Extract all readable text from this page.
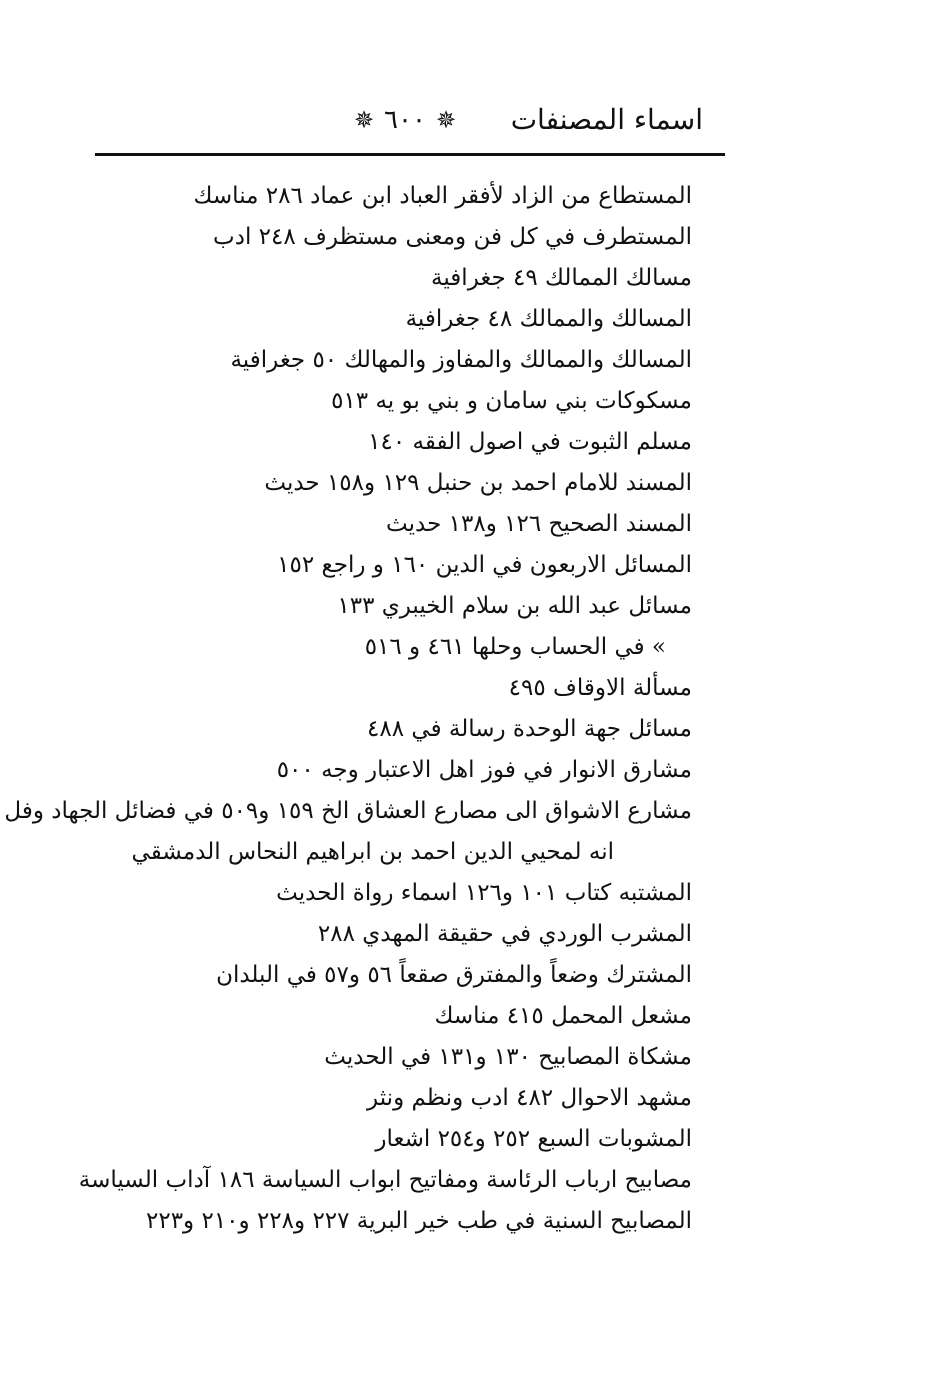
اسماء المصنفات
✵ ٦٠٠ ✵
المستطاع من الزاد لأفقر العباد ابن عماد ٢٨٦ مناسك
المستطرف في كل فن ومعنى مستظرف ٢٤٨ ادب
مسالك الممالك ٤٩ جغرافية
المسالك والممالك ٤٨ جغرافية
المسالك والممالك والمفاوز والمهالك ٥٠ جغرافية
مسكوكات بني سامان و بني بو يه ٥١٣
مسلم الثبوت في اصول الفقه ١٤٠
المسند للامام احمد بن حنبل ١٢٩ و١٥٨ حديث
المسند الصحيح ١٢٦ و١٣٨ حديث
المسائل الاربعون في الدين ١٦٠ و راجع ١٥٢
مسائل عبد الله بن سلام الخيبري ١٣٣
» في الحساب وحلها ٤٦١ و ٥١٦
مسألة الاوقاف ٤٩٥
مسائل جهة الوحدة رسالة في ٤٨٨
مشارق الانوار في فوز اهل الاعتبار وجه ٥٠٠
مشارع الاشواق الى مصارع العشاق الخ ١٥٩ و٥٠٩ في فضائل الجهاد وفل
انه لمحيي الدين احمد بن ابراهيم النحاس الدمشقي
المشتبه كتاب ١٠١ و١٢٦ اسماء رواة الحديث
المشرب الوردي في حقيقة المهدي ٢٨٨
المشترك وضعاً والمفترق صقعاً ٥٦ و٥٧ في البلدان
مشعل المحمل ٤١٥ مناسك
مشكاة المصابيح ١٣٠ و١٣١ في الحديث
مشهد الاحوال ٤٨٢ ادب ونظم ونثر
المشوبات السبع ٢٥٢ و٢٥٤ اشعار
مصابيح ارباب الرئاسة ومفاتيح ابواب السياسة ١٨٦ آداب السياسة
المصابيح السنية في طب خير البرية ٢٢٧ و٢٢٨ و٢١٠ و٢٢٣
